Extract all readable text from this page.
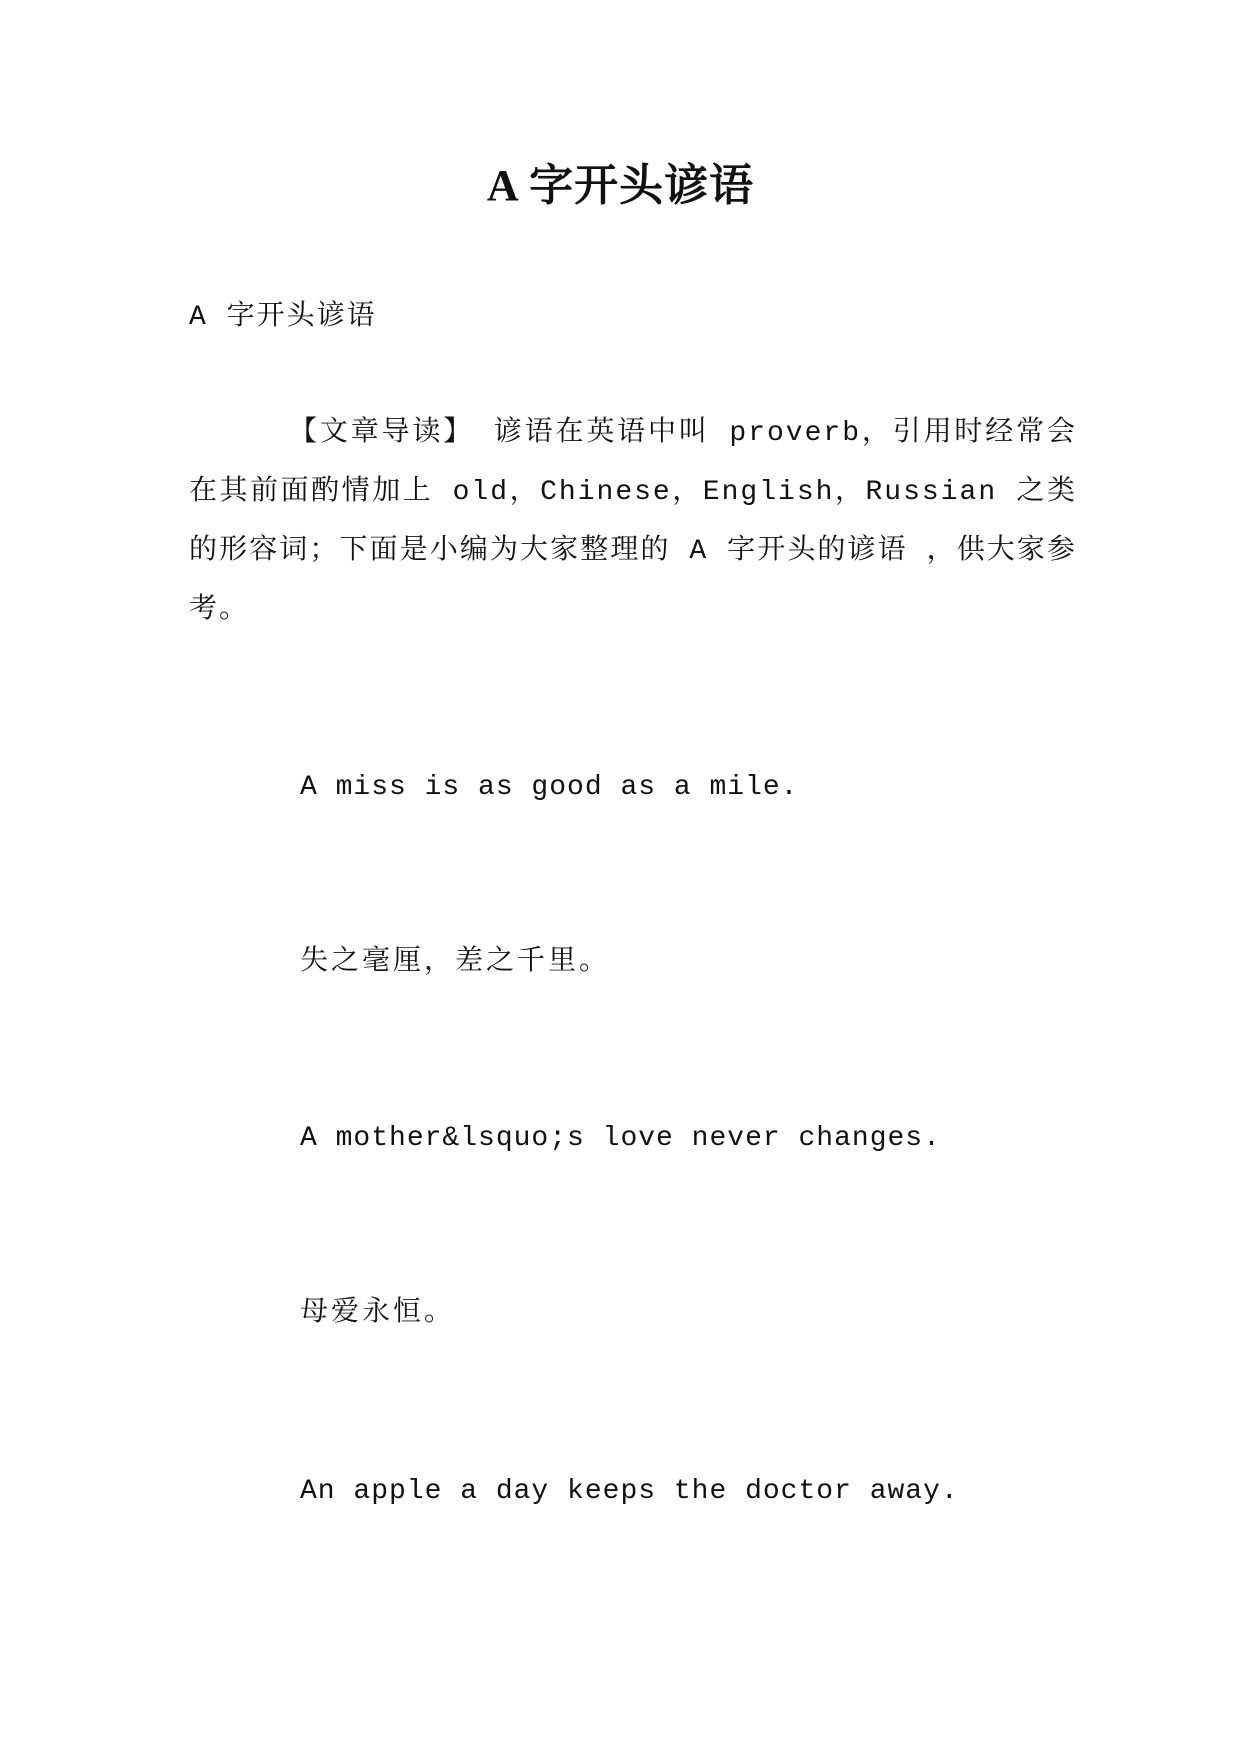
A 字开头谚语
A 字开头谚语
【文章导读】 谚语在英语中叫 proverb，引用时经常会在其前面酌情加上 old，Chinese，English，Russian 之类的形容词；下面是小编为大家整理的 A 字开头的谚语 ，供大家参考。
A miss is as good as a mile.
失之毫厘，差之千里。
A mother&lsquo;s love never changes.
母爱永恒。
An apple a day keeps the doctor away.
